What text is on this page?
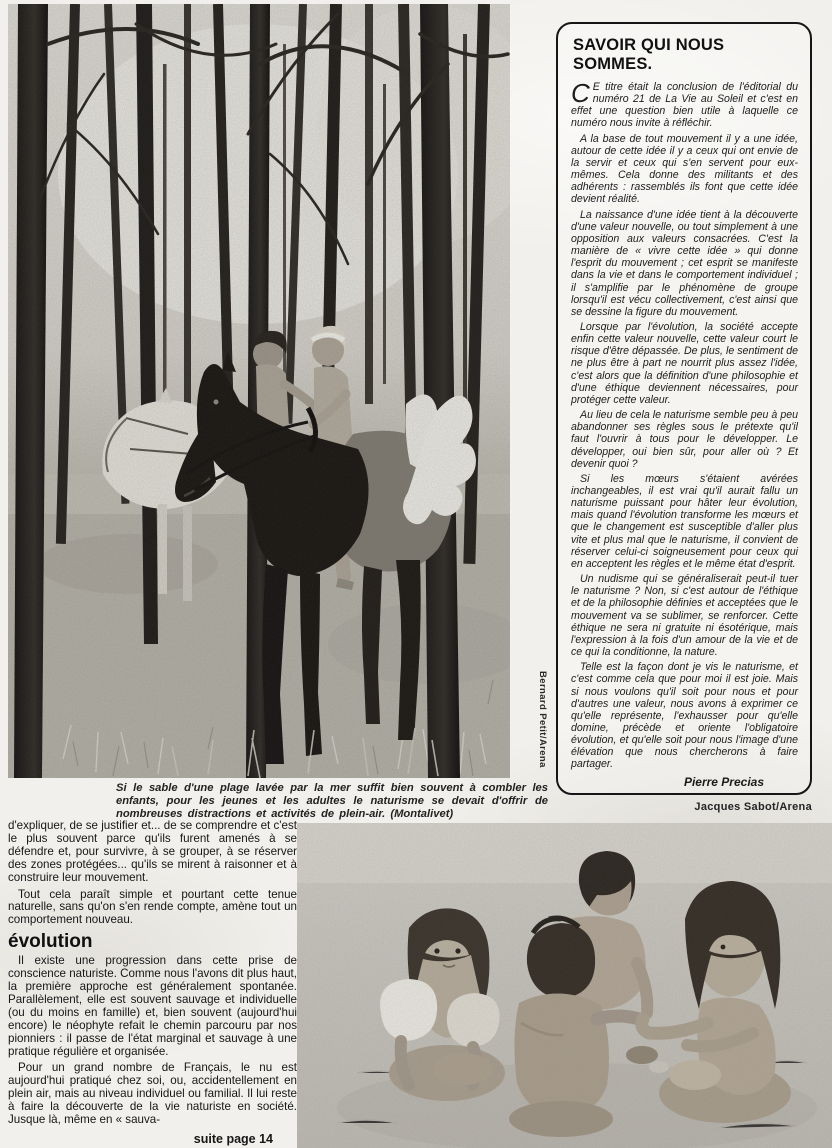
Bernard Petit/Arena
Si le sable d'une plage lavée par la mer suffit bien souvent à combler les enfants, pour les jeunes et les adultes le naturisme se devait d'offrir de nombreuses distractions et activités de plein-air. (Montalivet)
SAVOIR QUI NOUS SOMMES.

C E titre était la conclusion de l'éditorial du numéro 21 de La Vie au Soleil et c'est en effet une question bien utile à laquelle ce numéro nous invite à réfléchir.

A la base de tout mouvement il y a une idée, autour de cette idée il y a ceux qui ont envie de la servir et ceux qui s'en servent pour eux-mêmes. Cela donne des militants et des adhérents : rassemblés ils font que cette idée devient réalité.

La naissance d'une idée tient à la découverte d'une valeur nouvelle, ou tout simplement à une opposition aux valeurs consacrées. C'est la manière de « vivre cette idée » qui donne l'esprit du mouvement ; cet esprit se manifeste dans la vie et dans le comportement individuel ; il s'amplifie par le phénomène de groupe lorsqu'il est vécu collectivement, c'est ainsi que se dessine la figure du mouvement.

Lorsque par l'évolution, la société accepte enfin cette valeur nouvelle, cette valeur court le risque d'être dépassée. De plus, le sentiment de ne plus être à part ne nourrit plus assez l'idée, c'est alors que la définition d'une philosophie et d'une éthique deviennent nécessaires, pour protéger cette valeur.

Au lieu de cela le naturisme semble peu à peu abandonner ses règles sous le prétexte qu'il faut l'ouvrir à tous pour le développer. Le développer, oui bien sûr, pour aller où ? Et devenir quoi ?

Si les mœurs s'étaient avérées inchangeables, il est vrai qu'il aurait fallu un naturisme puissant pour hâter leur évolution, mais quand l'évolution transforme les mœurs et que le changement est susceptible d'aller plus vite et plus mal que le naturisme, il convient de réserver celui-ci soigneusement pour ceux qui en acceptent les règles et le même état d'esprit.

Un nudisme qui se généraliserait peut-il tuer le naturisme ? Non, si c'est autour de l'éthique et de la philosophie définies et acceptées que le mouvement va se sublimer, se renforcer. Cette éthique ne sera ni gratuite ni ésotérique, mais l'expression à la fois d'un amour de la vie et de ce qui la conditionne, la nature.

Telle est la façon dont je vis le naturisme, et c'est comme cela que pour moi il est joie. Mais si nous voulons qu'il soit pour nous et pour d'autres une valeur, nous avons à exprimer ce qu'elle représente, l'exhausser pour qu'elle domine, précède et oriente l'obligatoire évolution, et qu'elle soit pour nous l'image d'une élévation que nous chercherons à faire partager.

Pierre Precias
Jacques Sabot/Arena

d'expliquer, de se justifier et... de se comprendre et c'est le plus souvent parce qu'ils furent amenés à se défendre et, pour survivre, à se grouper, à se réserver des zones protégées... qu'ils se mirent à raisonner et à construire leur mouvement.

Tout cela paraît simple et pourtant cette tenue naturelle, sans qu'on s'en rende compte, amène tout un comportement nouveau.

évolution

Il existe une progression dans cette prise de conscience naturiste. Comme nous l'avons dit plus haut, la première approche est généralement spontanée. Parallèlement, elle est souvent sauvage et individuelle (ou du moins en famille) et, bien souvent (aujourd'hui encore) le néophyte refait le chemin parcouru par nos pionniers : il passe de l'état marginal et sauvage à une pratique régulière et organisée.

Pour un grand nombre de Français, le nu est aujourd'hui pratiqué chez soi, ou, accidentellement en plein air, mais au niveau individuel ou familial. Il lui reste à faire la découverte de la vie naturiste en société. Jusque là, même en « sauva-

suite page 14
